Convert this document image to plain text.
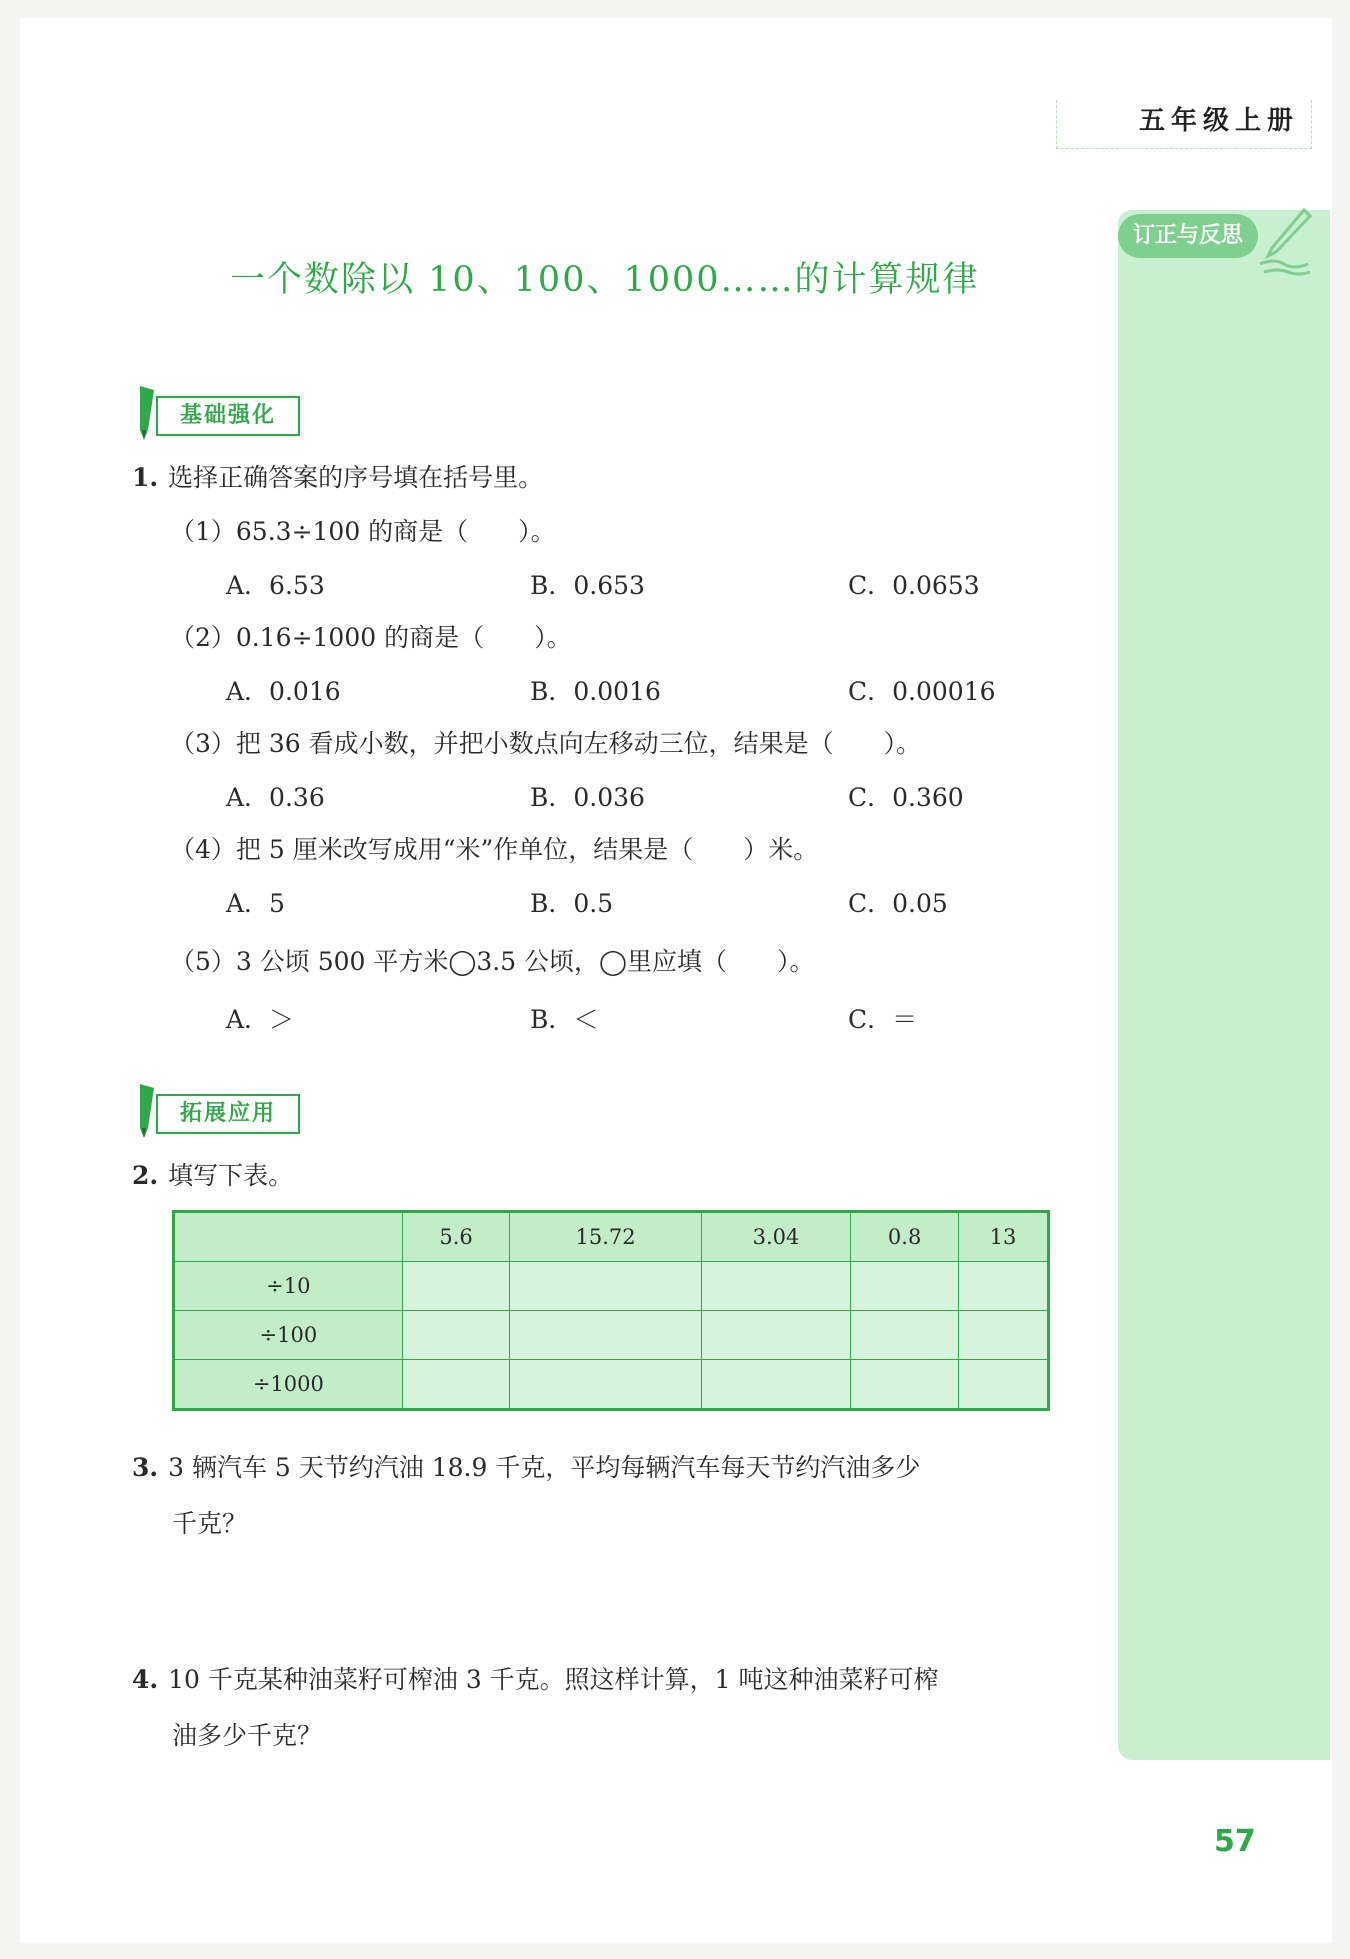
五年级上册
订正与反思
一个数除以 10、100、1000……的计算规律
基础强化
1. 选择正确答案的序号填在括号里。
（1）65.3÷100 的商是（　　）。
A．6.53	B．0.653	C．0.0653
（2）0.16÷1000 的商是（　　）。
A．0.016	B．0.0016	C．0.00016
（3）把 36 看成小数，并把小数点向左移动三位，结果是（　　）。
A．0.36	B．0.036	C．0.360
（4）把 5 厘米改写成用“米”作单位，结果是（　　）米。
A．5	B．0.5	C．0.05
（5）3 公顷 500 平方米◯3.5 公顷，◯里应填（　　）。
A．＞	B．＜	C．＝
拓展应用
2. 填写下表。
	5.6	15.72	3.04	0.8	13
÷10					
÷100					
÷1000					
3. 3 辆汽车 5 天节约汽油 18.9 千克，平均每辆汽车每天节约汽油多少
千克？
4. 10 千克某种油菜籽可榨油 3 千克。照这样计算，1 吨这种油菜籽可榨
油多少千克？
57
